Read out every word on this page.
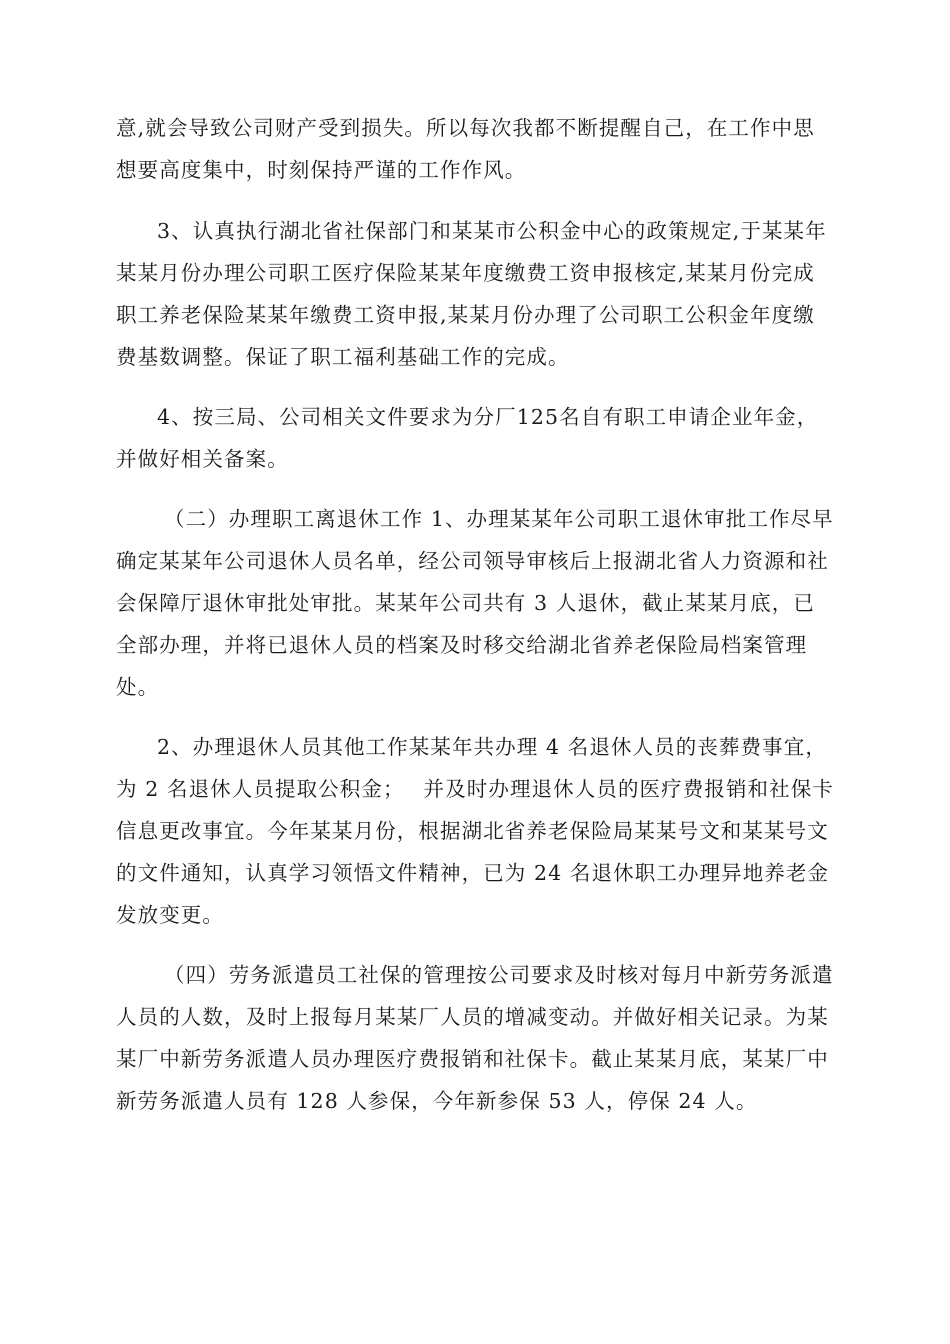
意,就会导致公司财产受到损失。所以每次我都不断提醒自己，在工作中思想要高度集中，时刻保持严谨的工作作风。

3、认真执行湖北省社保部门和某某市公积金中心的政策规定,于某某年某某月份办理公司职工医疗保险某某年度缴费工资申报核定,某某月份完成职工养老保险某某年缴费工资申报,某某月份办理了公司职工公积金年度缴费基数调整。保证了职工福利基础工作的完成。

4、按三局、公司相关文件要求为分厂125名自有职工申请企业年金，并做好相关备案。

（二）办理职工离退休工作 1、办理某某年公司职工退休审批工作尽早确定某某年公司退休人员名单，经公司领导审核后上报湖北省人力资源和社会保障厅退休审批处审批。某某年公司共有 3 人退休，截止某某月底，已全部办理，并将已退休人员的档案及时移交给湖北省养老保险局档案管理处。

2、办理退休人员其他工作某某年共办理 4 名退休人员的丧葬费事宜，为 2 名退休人员提取公积金；　 并及时办理退休人员的医疗费报销和社保卡信息更改事宜。今年某某月份，根据湖北省养老保险局某某号文和某某号文的文件通知，认真学习领悟文件精神，已为 24 名退休职工办理异地养老金发放变更。

（四）劳务派遣员工社保的管理按公司要求及时核对每月中新劳务派遣人员的人数，及时上报每月某某厂人员的增减变动。并做好相关记录。为某某厂中新劳务派遣人员办理医疗费报销和社保卡。截止某某月底，某某厂中新劳务派遣人员有 128 人参保，今年新参保 53 人，停保 24 人。
